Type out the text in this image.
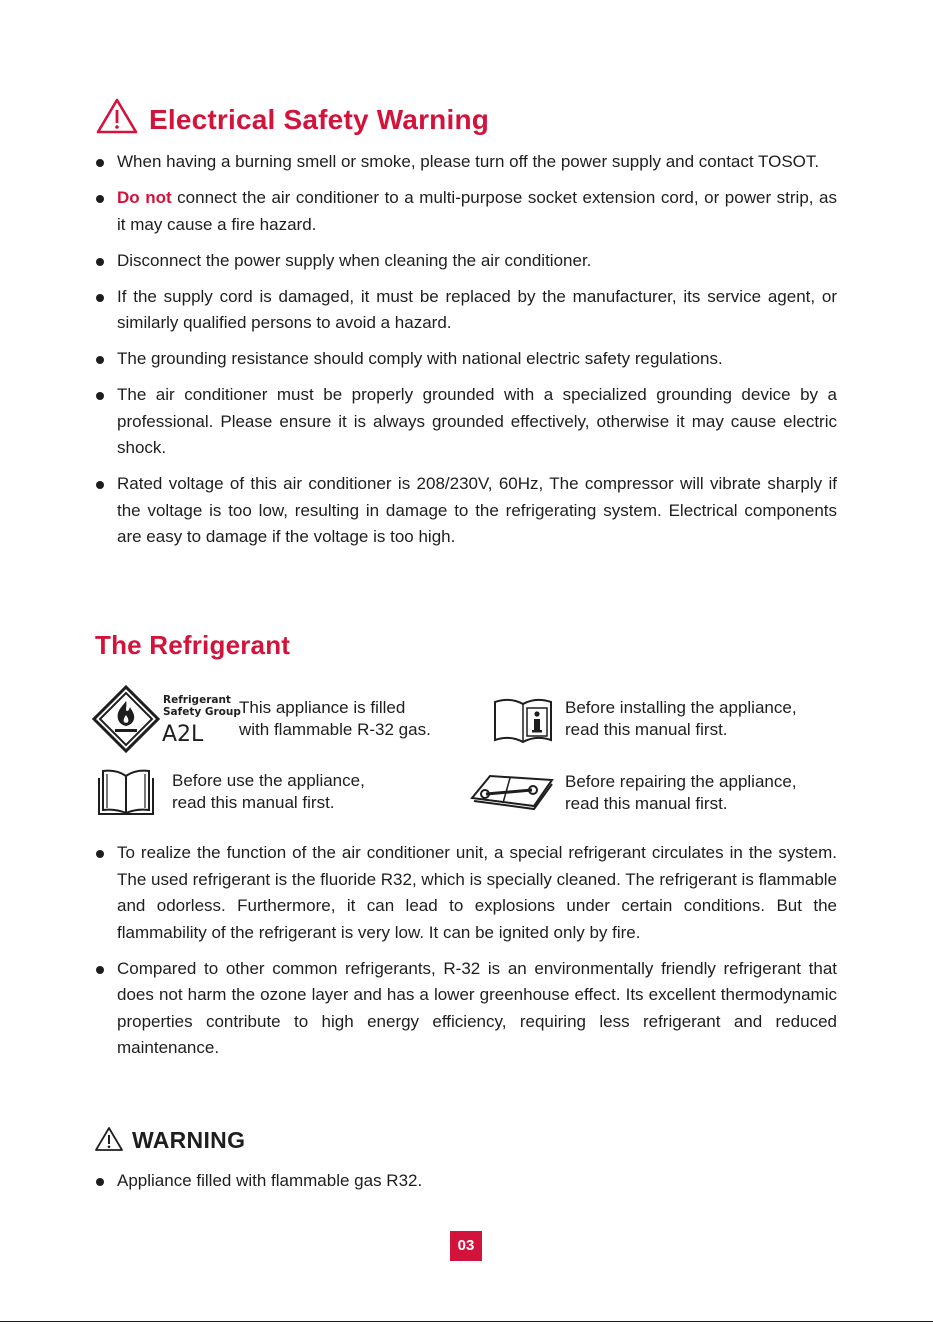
Electrical Safety Warning
When having a burning smell or smoke, please turn off the power supply and contact TOSOT.
Do not connect the air conditioner to a multi-purpose socket extension cord, or power strip, as it may cause a fire hazard.
Disconnect the power supply when cleaning the air conditioner.
If the supply cord is damaged, it must be replaced by the manufacturer, its service agent, or similarly qualified persons to avoid a hazard.
The grounding resistance should comply with national electric safety regulations.
The air conditioner must be properly grounded with a specialized grounding device by a professional. Please ensure it is always grounded effectively, otherwise it may cause electric shock.
Rated voltage of this air conditioner is 208/230V, 60Hz, The compressor will vibrate sharply if the voltage is too low, resulting in damage to the refrigerating system. Electrical components are easy to damage if the voltage is too high.
The Refrigerant
Refrigerant
Safety Group
A2L
This appliance is filled
with flammable R-32 gas.
Before installing the appliance,
read this manual first.
Before use the appliance,
read this manual first.
Before repairing the appliance,
read this manual first.
To realize the function of the air conditioner unit, a special refrigerant circulates in the system. The used refrigerant is the fluoride R32, which is specially cleaned. The refrigerant is flammable and odorless. Furthermore, it can lead to explosions under certain conditions. But the flammability of the refrigerant is very low. It can be ignited only by fire.
Compared to other common refrigerants, R-32 is an environmentally friendly refrigerant that does not harm the ozone layer and has a lower greenhouse effect. Its excellent thermodynamic properties contribute to high energy efficiency, requiring less refrigerant and reduced maintenance.
WARNING
Appliance filled with flammable gas R32.
03
